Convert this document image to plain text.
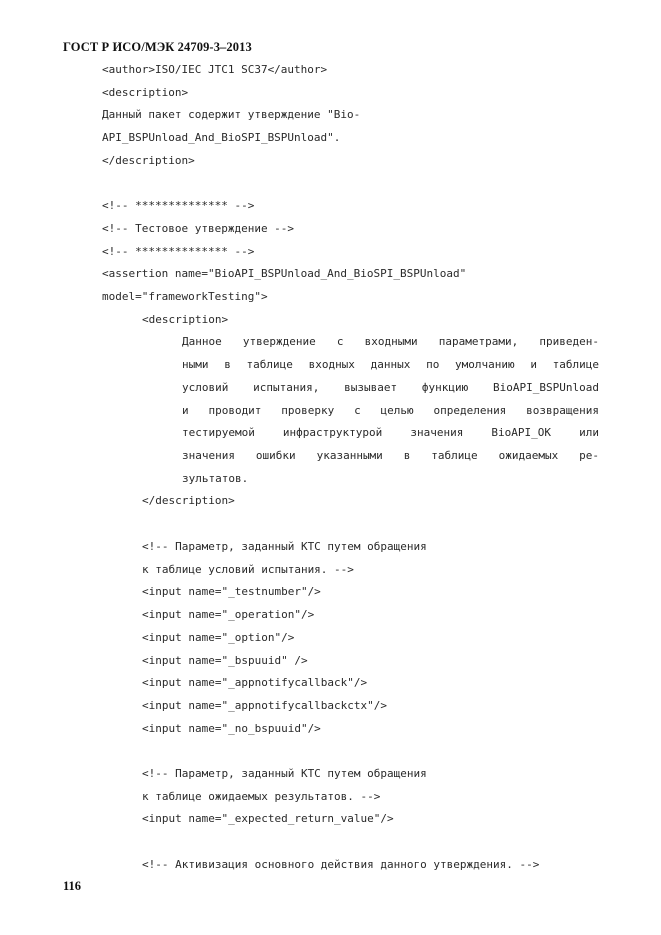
ГОСТ Р ИСО/МЭК 24709-3–2013

<author>ISO/IEC JTC1 SC37</author>

<description>

Данный пакет содержит утверждение "Bio-

API_BSPUnload_And_BioSPI_BSPUnload".

</description>

<!-- ************** -->

<!-- Тестовое утверждение -->

<!-- ************** -->

<assertion name="BioAPI_BSPUnload_And_BioSPI_BSPUnload"

model="frameworkTesting">

<description>

Данное утверждение с входными параметрами, приведен-
ными в таблице входных данных по умолчанию и таблице
условий испытания, вызывает функцию BioAPI_BSPUnload
и проводит проверку с целью определения возвращения
тестируемой инфраструктурой значения BioAPI_OK или
значения ошибки указанными в таблице ожидаемых ре-
зультатов.

</description>

<!-- Параметр, заданный КТС путем обращения

к таблице условий испытания. -->

<input name="_testnumber"/>

<input name="_operation"/>

<input name="_option"/>

<input name="_bspuuid" />

<input name="_appnotifycallback"/>

<input name="_appnotifycallbackctx"/>

<input name="_no_bspuuid"/>

<!-- Параметр, заданный КТС путем обращения

к таблице ожидаемых результатов. -->

<input name="_expected_return_value"/>

<!-- Активизация основного действия данного утверждения. -->

116
